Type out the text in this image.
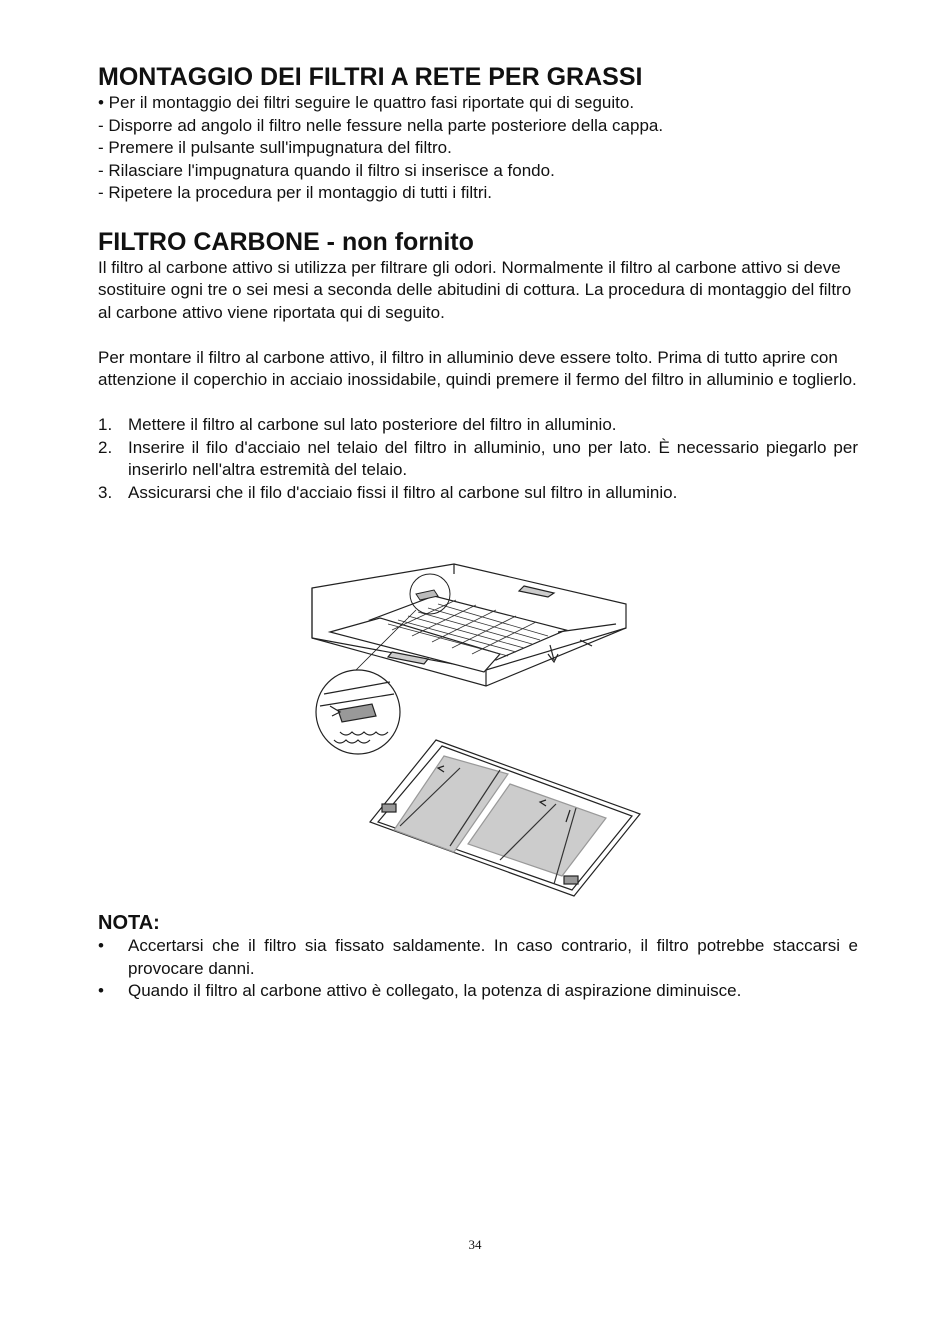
MONTAGGIO DEI FILTRI A RETE PER GRASSI

• Per il montaggio dei filtri seguire le quattro fasi riportate qui di seguito.

- Disporre ad angolo il filtro nelle fessure nella parte posteriore della cappa.

- Premere il pulsante sull'impugnatura del filtro.

- Rilasciare l'impugnatura quando il filtro si inserisce a fondo.

- Ripetere la procedura per il montaggio di tutti i filtri.

FILTRO CARBONE - non fornito

Il filtro al carbone attivo si utilizza per filtrare gli odori. Normalmente il filtro al carbone attivo si deve sostituire ogni tre o sei mesi a seconda delle abitudini di cottura. La procedura di montaggio del filtro al carbone attivo viene riportata qui di seguito.

Per montare il filtro al carbone attivo, il filtro in alluminio deve essere tolto. Prima di tutto aprire con attenzione il coperchio in acciaio inossidabile, quindi premere il fermo del filtro in alluminio e toglierlo.

1. Mettere il filtro al carbone sul lato posteriore del filtro in alluminio.
2. Inserire il filo d'acciaio nel telaio del filtro in alluminio, uno per lato. È necessario piegarlo per inserirlo nell'altra estremità del telaio.
3. Assicurarsi che il filo d'acciaio fissi il filtro al carbone sul filtro in alluminio.
NOTA:
• Accertarsi che il filtro sia fissato saldamente. In caso contrario, il filtro potrebbe staccarsi e provocare danni.
• Quando il filtro al carbone attivo è collegato, la potenza di aspirazione diminuisce.
34
